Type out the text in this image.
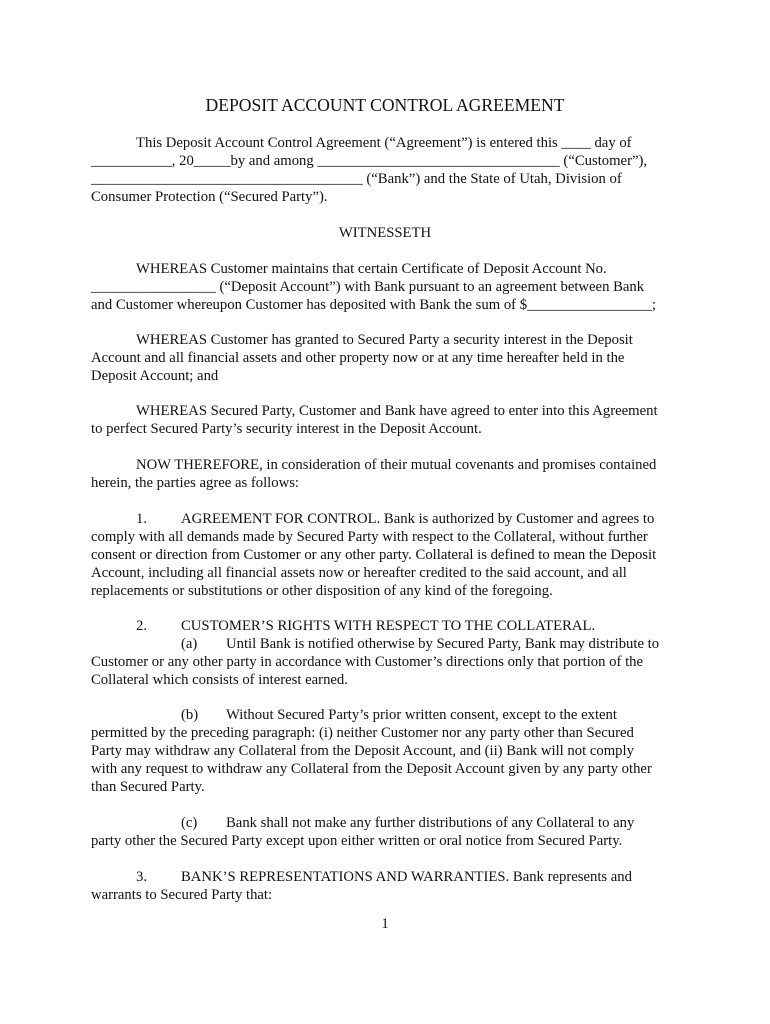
DEPOSIT ACCOUNT CONTROL AGREEMENT
This Deposit Account Control Agreement (“Agreement”) is entered this ____ day of
___________, 20_____by and among _________________________________ (“Customer”),
_____________________________________ (“Bank”) and the State of Utah, Division of
Consumer Protection (“Secured Party”).
WITNESSETH
WHEREAS Customer maintains that certain Certificate of Deposit Account No.
_________________ (“Deposit Account”) with Bank pursuant to an agreement between Bank
and Customer whereupon Customer has deposited with Bank the sum of $_________________;
WHEREAS Customer has granted to Secured Party a security interest in the Deposit
Account and all financial assets and other property now or at any time hereafter held in the
Deposit Account; and
WHEREAS Secured Party, Customer and Bank have agreed to enter into this Agreement
to perfect Secured Party’s security interest in the Deposit Account.
NOW THEREFORE, in consideration of their mutual covenants and promises contained
herein, the parties agree as follows:
1. AGREEMENT FOR CONTROL. Bank is authorized by Customer and agrees to
comply with all demands made by Secured Party with respect to the Collateral, without further
consent or direction from Customer or any other party. Collateral is defined to mean the Deposit
Account, including all financial assets now or hereafter credited to the said account, and all
replacements or substitutions or other disposition of any kind of the foregoing.
2. CUSTOMER’S RIGHTS WITH RESPECT TO THE COLLATERAL.
(a) Until Bank is notified otherwise by Secured Party, Bank may distribute to
Customer or any other party in accordance with Customer’s directions only that portion of the
Collateral which consists of interest earned.
(b) Without Secured Party’s prior written consent, except to the extent
permitted by the preceding paragraph: (i) neither Customer nor any party other than Secured
Party may withdraw any Collateral from the Deposit Account, and (ii) Bank will not comply
with any request to withdraw any Collateral from the Deposit Account given by any party other
than Secured Party.
(c) Bank shall not make any further distributions of any Collateral to any
party other the Secured Party except upon either written or oral notice from Secured Party.
3. BANK’S REPRESENTATIONS AND WARRANTIES. Bank represents and
warrants to Secured Party that:
1
